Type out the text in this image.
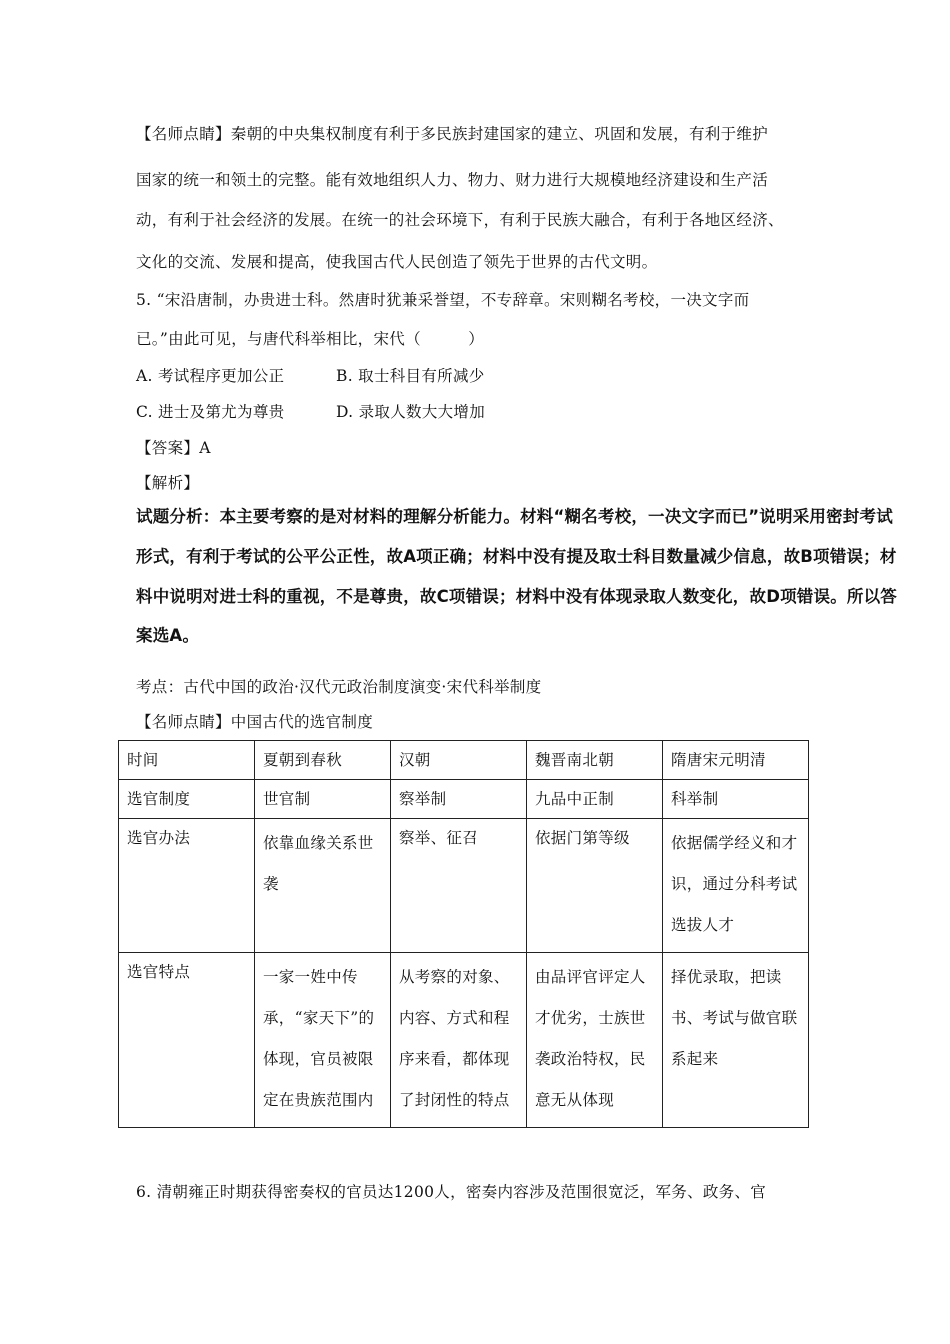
【名师点睛】秦朝的中央集权制度有利于多民族封建国家的建立、巩固和发展，有利于维护
国家的统一和领土的完整。能有效地组织人力、物力、财力进行大规模地经济建设和生产活
动，有利于社会经济的发展。在统一的社会环境下，有利于民族大融合，有利于各地区经济、
文化的交流、发展和提高，使我国古代人民创造了领先于世界的古代文明。
5. “宋沿唐制，办贵进士科。然唐时犹兼采誉望，不专辞章。宋则糊名考校，一决文字而
已。”由此可见，与唐代科举相比，宋代（　　　）
A. 考试程序更加公正	B. 取士科目有所减少
C. 进士及第尤为尊贵	D. 录取人数大大增加
【答案】A
【解析】
试题分析：本主要考察的是对材料的理解分析能力。材料“糊名考校，一决文字而已”说明采用密封考试
形式，有利于考试的公平公正性，故A项正确；材料中没有提及取士科目数量减少信息，故B项错误；材
料中说明对进士科的重视，不是尊贵，故C项错误；材料中没有体现录取人数变化，故D项错误。所以答
案选A。
考点：古代中国的政治·汉代元政治制度演变·宋代科举制度
【名师点睛】中国古代的选官制度
时间	夏朝到春秋	汉朝	魏晋南北朝	隋唐宋元明清
选官制度	世官制	察举制	九品中正制	科举制
选官办法	依靠血缘关系世袭	察举、征召	依据门第等级	依据儒学经义和才识，通过分科考试选拔人才
选官特点	一家一姓中传承，“家天下”的体现，官员被限定在贵族范围内	从考察的对象、内容、方式和程序来看，都体现了封闭性的特点	由品评官评定人才优劣，士族世袭政治特权，民意无从体现	择优录取，把读书、考试与做官联系起来
6. 清朝雍正时期获得密奏权的官员达1200人，密奏内容涉及范围很宽泛，军务、政务、官
